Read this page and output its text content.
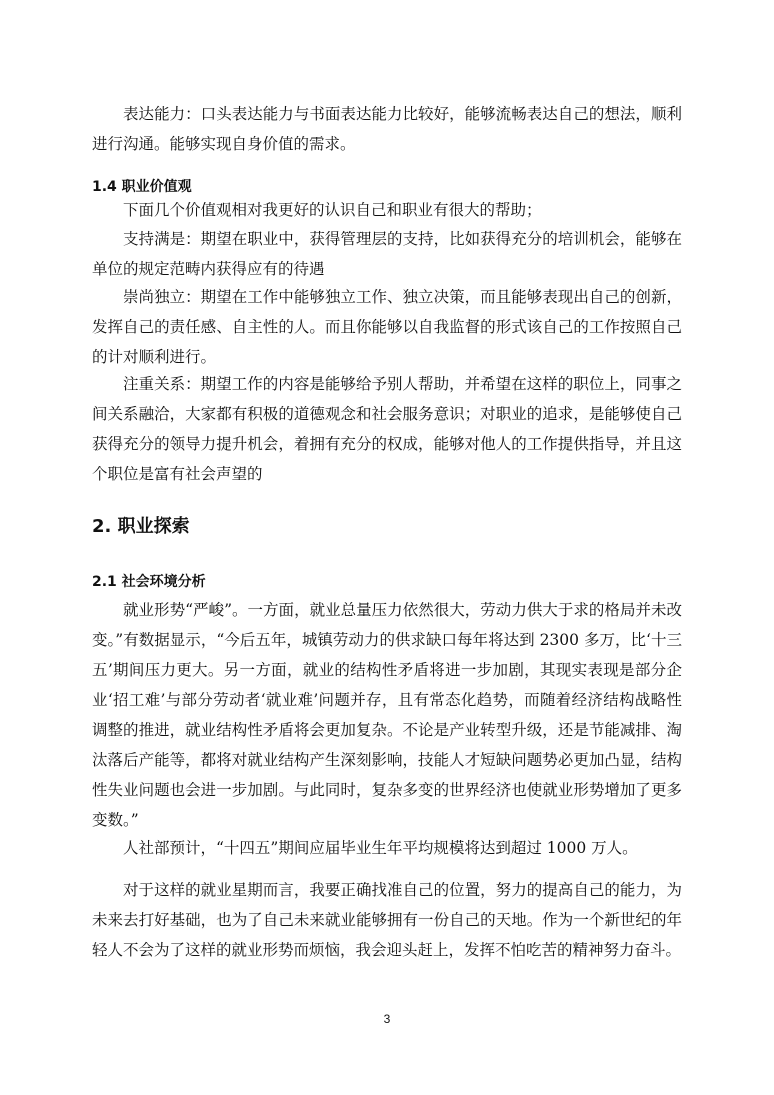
表达能力：口头表达能力与书面表达能力比较好，能够流畅表达自己的想法，顺利进行沟通。能够实现自身价值的需求。

1.4 职业价值观

下面几个价值观相对我更好的认识自己和职业有很大的帮助；

支持满是：期望在职业中，获得管理层的支持，比如获得充分的培训机会，能够在单位的规定范畴内获得应有的待遇

崇尚独立：期望在工作中能够独立工作、独立决策，而且能够表现出自己的创新，发挥自己的责任感、自主性的人。而且你能够以自我监督的形式该自己的工作按照自己的计对顺利进行。

注重关系：期望工作的内容是能够给予别人帮助，并希望在这样的职位上，同事之间关系融洽，大家都有积极的道德观念和社会服务意识；对职业的追求，是能够使自己获得充分的领导力提升机会，着拥有充分的权成，能够对他人的工作提供指导，并且这个职位是富有社会声望的

2. 职业探索
2.1 社会环境分析

就业形势“严峻”。一方面，就业总量压力依然很大，劳动力供大于求的格局并未改变。”有数据显示，“今后五年，城镇劳动力的供求缺口每年将达到 2300 多万，比‘十三五’期间压力更大。另一方面，就业的结构性矛盾将进一步加剧，其现实表现是部分企业‘招工难’与部分劳动者‘就业难’问题并存，且有常态化趋势，而随着经济结构战略性调整的推进，就业结构性矛盾将会更加复杂。不论是产业转型升级，还是节能减排、淘汰落后产能等，都将对就业结构产生深刻影响，技能人才短缺问题势必更加凸显，结构性失业问题也会进一步加剧。与此同时，复杂多变的世界经济也使就业形势增加了更多变数。”

人社部预计，“十四五”期间应届毕业生年平均规模将达到超过 1000 万人。

对于这样的就业星期而言，我要正确找准自己的位置，努力的提高自己的能力，为未来去打好基础，也为了自己未来就业能够拥有一份自己的天地。作为一个新世纪的年轻人不会为了这样的就业形势而烦恼，我会迎头赶上，发挥不怕吃苦的精神努力奋斗。

3
